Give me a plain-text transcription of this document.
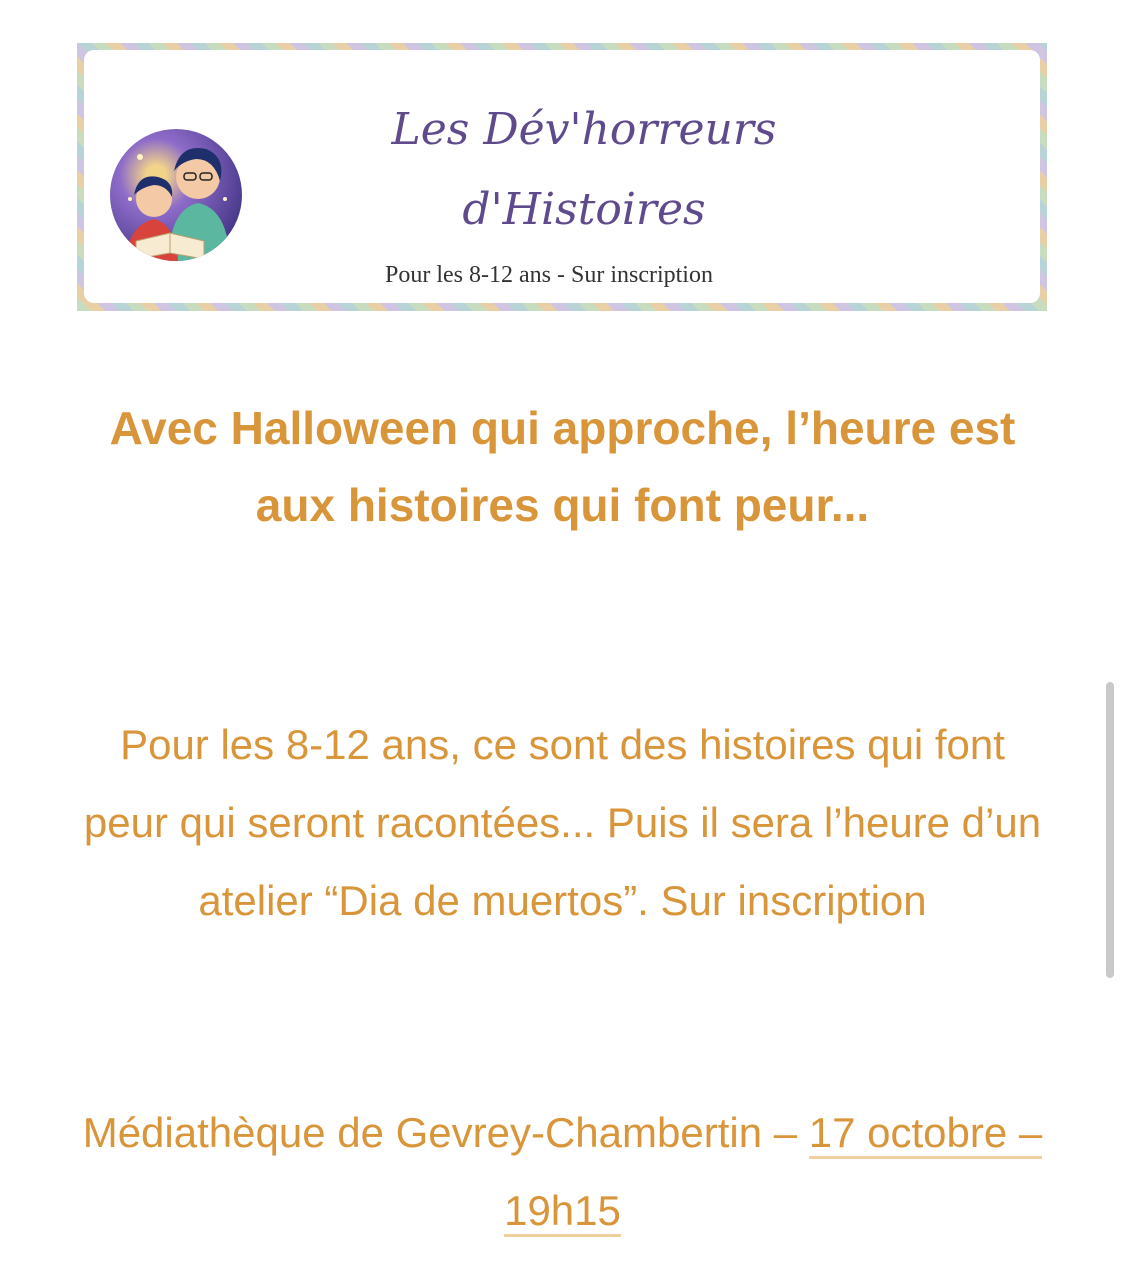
Les Dév'horreurs
d'Histoires
Pour les 8-12 ans - Sur inscription
Avec Halloween qui approche, l’heure est aux histoires qui font peur...

Pour les 8-12 ans, ce sont des histoires qui font peur qui seront racontées... Puis il sera l’heure d’un atelier “Dia de muertos”. Sur inscription

Médiathèque de Gevrey-Chambertin – 17 octobre – 19h15
